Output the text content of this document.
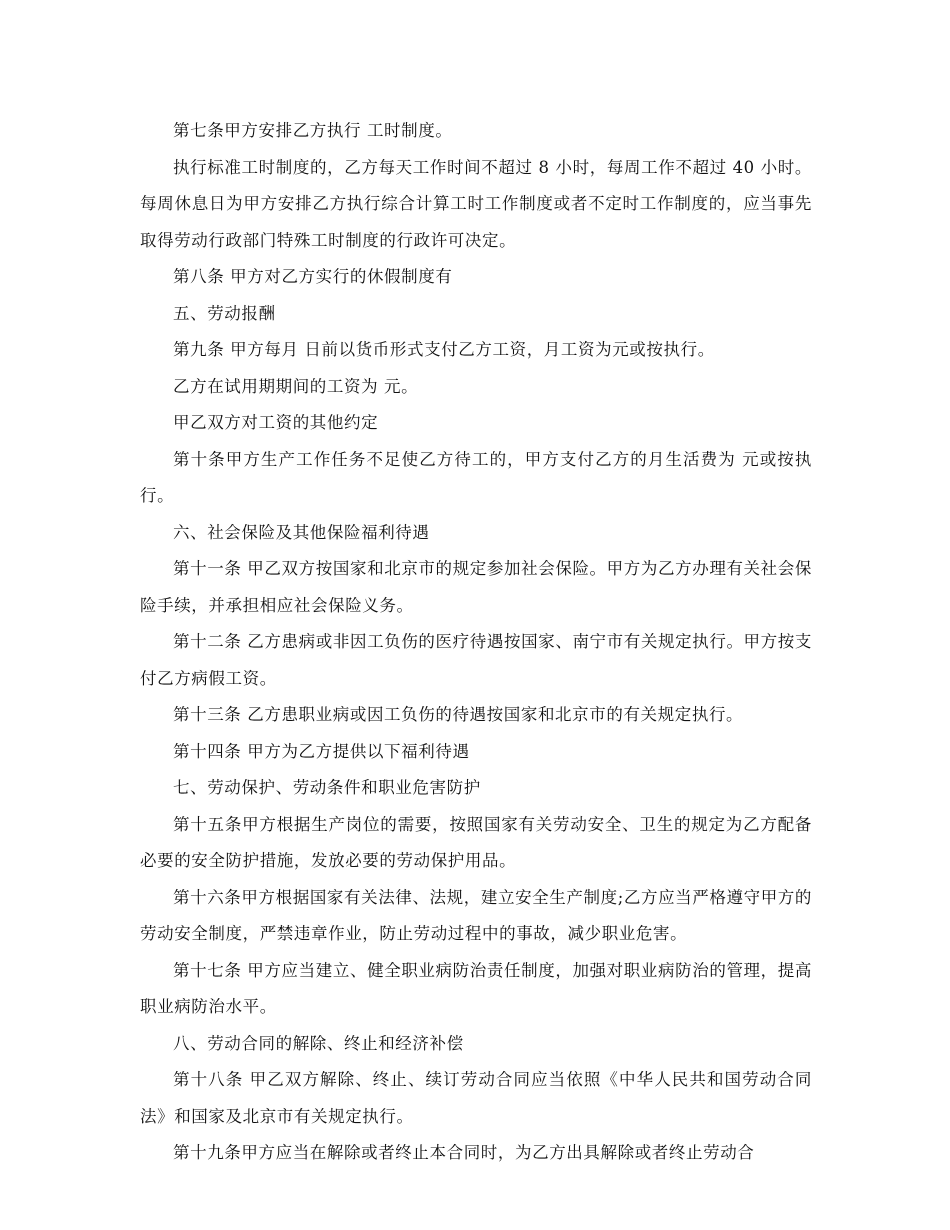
第七条甲方安排乙方执行 工时制度。

执行标准工时制度的，乙方每天工作时间不超过 8 小时，每周工作不超过 40 小时。每周休息日为甲方安排乙方执行综合计算工时工作制度或者不定时工作制度的，应当事先取得劳动行政部门特殊工时制度的行政许可决定。

第八条 甲方对乙方实行的休假制度有

五、劳动报酬

第九条 甲方每月 日前以货币形式支付乙方工资，月工资为元或按执行。

乙方在试用期期间的工资为 元。

甲乙双方对工资的其他约定

第十条甲方生产工作任务不足使乙方待工的，甲方支付乙方的月生活费为 元或按执行。

六、社会保险及其他保险福利待遇

第十一条 甲乙双方按国家和北京市的规定参加社会保险。甲方为乙方办理有关社会保险手续，并承担相应社会保险义务。

第十二条 乙方患病或非因工负伤的医疗待遇按国家、南宁市有关规定执行。甲方按支付乙方病假工资。

第十三条 乙方患职业病或因工负伤的待遇按国家和北京市的有关规定执行。

第十四条 甲方为乙方提供以下福利待遇

七、劳动保护、劳动条件和职业危害防护

第十五条甲方根据生产岗位的需要，按照国家有关劳动安全、卫生的规定为乙方配备必要的安全防护措施，发放必要的劳动保护用品。

第十六条甲方根据国家有关法律、法规，建立安全生产制度;乙方应当严格遵守甲方的劳动安全制度，严禁违章作业，防止劳动过程中的事故，减少职业危害。

第十七条 甲方应当建立、健全职业病防治责任制度，加强对职业病防治的管理，提高职业病防治水平。

八、劳动合同的解除、终止和经济补偿

第十八条 甲乙双方解除、终止、续订劳动合同应当依照《中华人民共和国劳动合同法》和国家及北京市有关规定执行。

第十九条甲方应当在解除或者终止本合同时，为乙方出具解除或者终止劳动合
